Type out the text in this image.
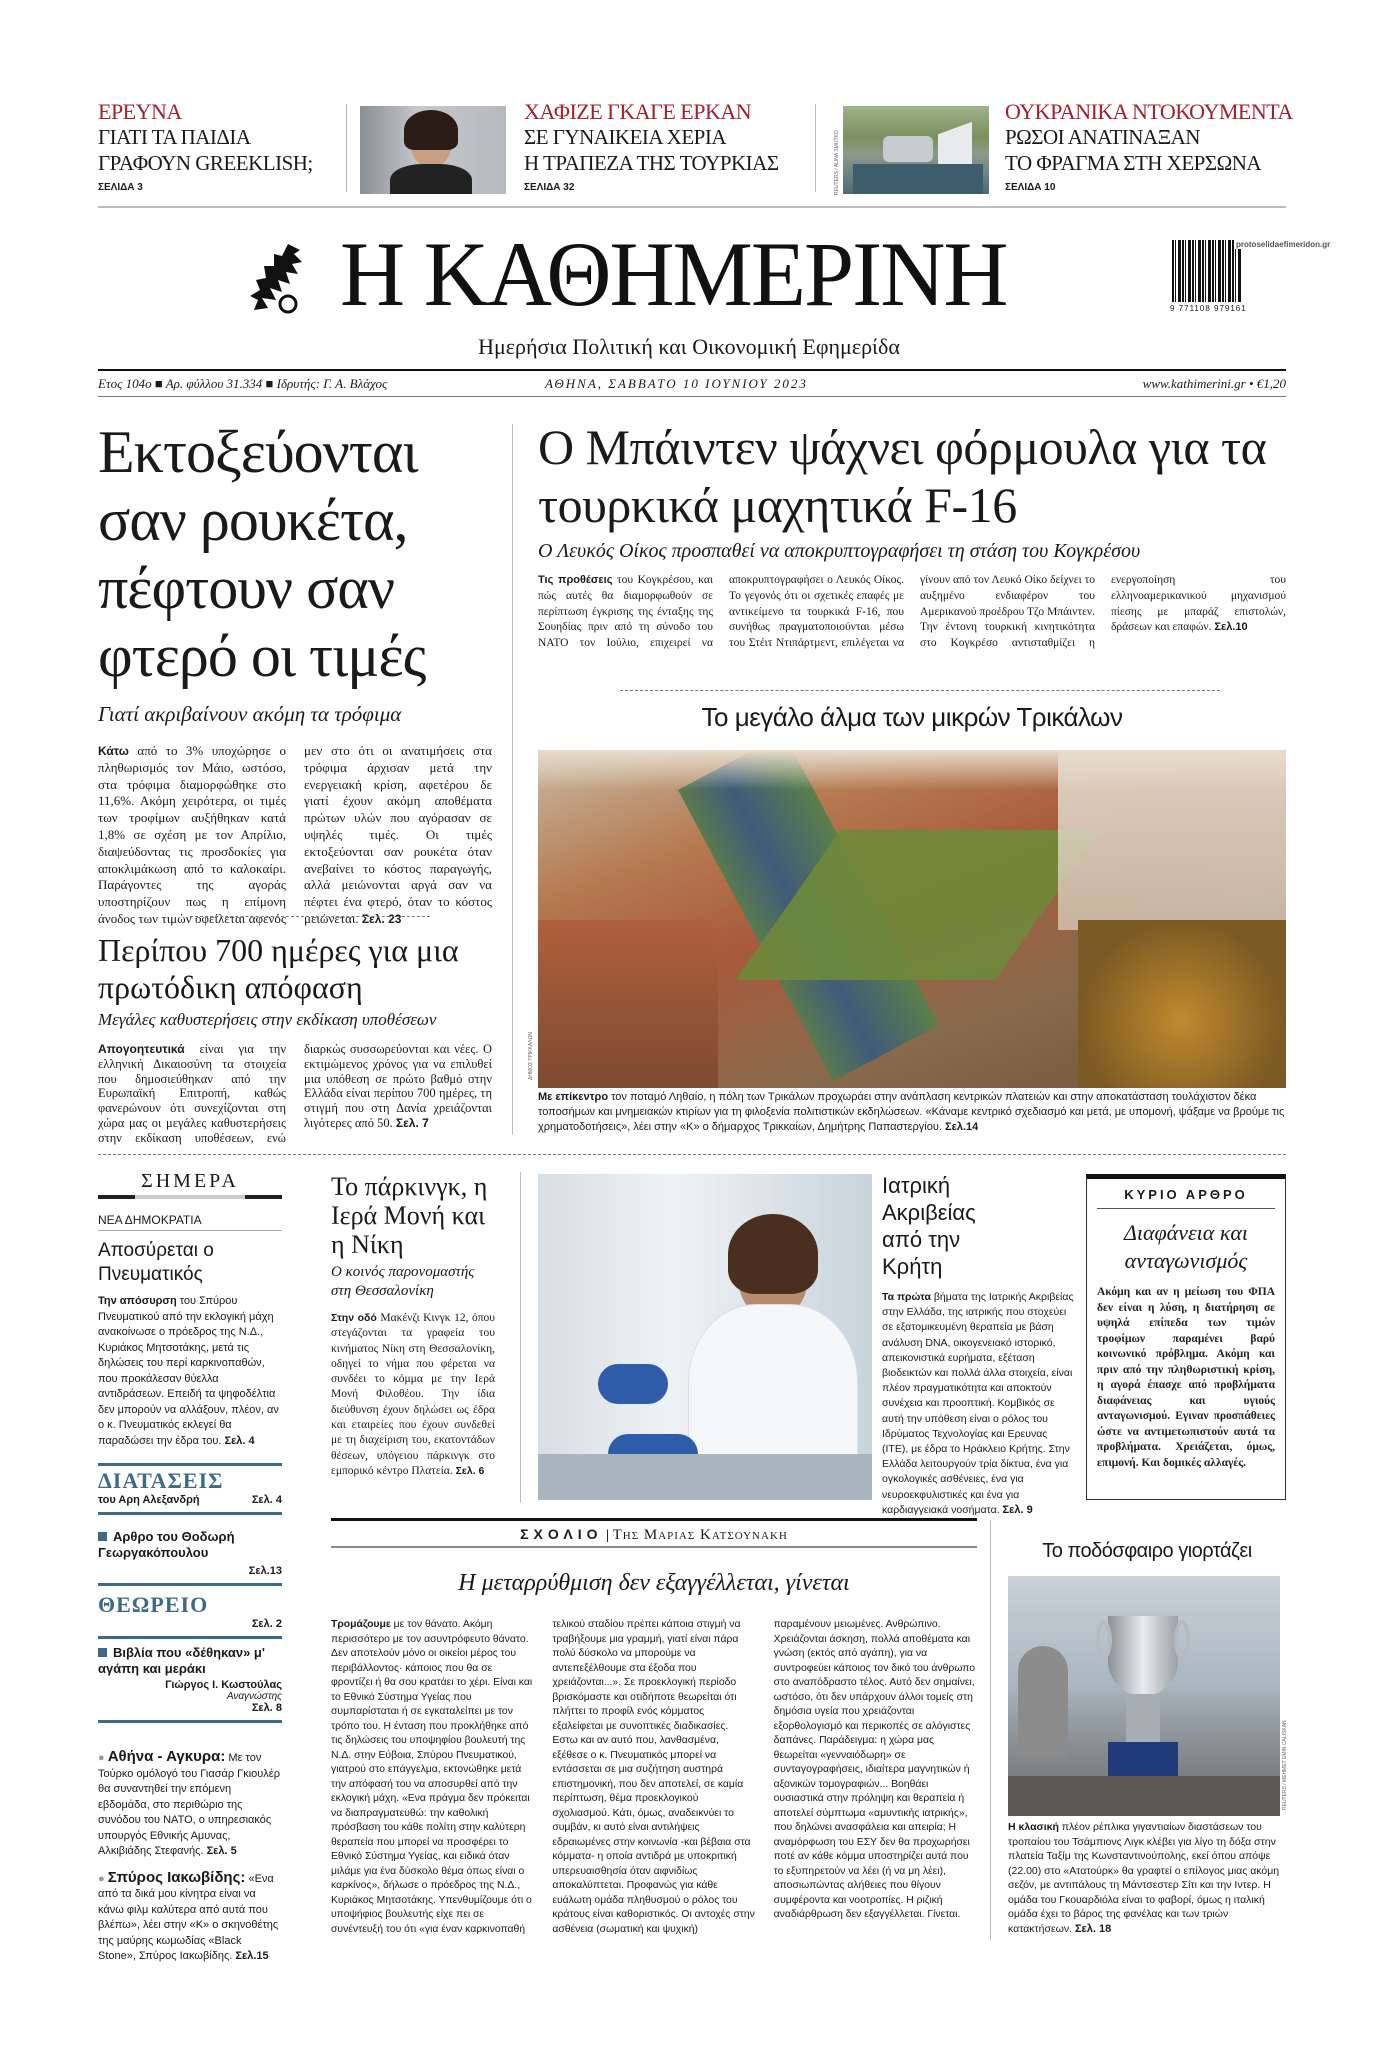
ΕΡΕΥΝΑ
ΓΙΑΤΙ ΤΑ ΠΑΙΔΙΑ
ΓΡΑΦΟΥΝ GREEKLISH;
ΣΕΛΙΔΑ 3
ΧΑΦΙΖΕ ΓΚΑΓΕ ΕΡΚΑΝ
ΣΕ ΓΥΝΑΙΚΕΙΑ ΧΕΡΙΑ
Η ΤΡΑΠΕΖΑ ΤΗΣ ΤΟΥΡΚΙΑΣ
ΣΕΛΙΔΑ 32	REUTERS / ALINA SMUTKO
ΟΥΚΡΑΝΙΚΑ ΝΤΟΚΟΥΜΕΝΤΑ
ΡΩΣΟΙ ΑΝΑΤΙΝΑΞΑΝ
ΤΟ ΦΡΑΓΜΑ ΣΤΗ ΧΕΡΣΩΝΑ
ΣΕΛΙΔΑ 10
Η ΚΑΘΗΜΕΡΙΝΗ	protoselidaefimeridon.gr
9 771108 979161
Ημερήσια Πολιτική και Οικονομική Εφημερίδα
Ετος 104ο ■ Αρ. φύλλου 31.334 ■ Ιδρυτής: Γ. Α. Βλάχος	ΑΘΗΝΑ, ΣΑΒΒΑΤΟ 10 ΙΟΥΝΙΟΥ 2023	www.kathimerini.gr • €1,20
Εκτοξεύονται σαν ρουκέτα, πέφτουν σαν φτερό οι τιμές
Γιατί ακριβαίνουν ακόμη τα τρόφιμα
Κάτω από το 3% υποχώρησε ο πληθωρισμός τον Μάιο, ωστόσο, στα τρόφιμα διαμορφώθηκε στο 11,6%. Ακόμη χειρότερα, οι τιμές των τροφίμων αυξήθηκαν κατά 1,8% σε σχέση με τον Απρίλιο, διαψεύδοντας τις προσδοκίες για αποκλιμάκωση από το καλοκαίρι. Παράγοντες της αγοράς υποστηρίζουν πως η επίμονη άνοδος των τιμών οφείλεται αφενός μεν στο ότι οι ανατιμήσεις στα τρόφιμα άρχισαν μετά την ενεργειακή κρίση, αφετέρου δε γιατί έχουν ακόμη αποθέματα πρώτων υλών που αγόρασαν σε υψηλές τιμές. Οι τιμές εκτοξεύονται σαν ρουκέτα όταν ανεβαίνει το κόστος παραγωγής, αλλά μειώνονται αργά σαν να πέφτει ένα φτερό, όταν το κόστος μειώνεται. Σελ. 23
Περίπου 700 ημέρες για μια πρωτόδικη απόφαση
Μεγάλες καθυστερήσεις στην εκδίκαση υποθέσεων
Απογοητευτικά είναι για την ελληνική Δικαιοσύνη τα στοιχεία που δημοσιεύθηκαν από την Ευρωπαϊκή Επιτροπή, καθώς φανερώνουν ότι συνεχίζονται στη χώρα μας οι μεγάλες καθυστερήσεις στην εκδίκαση υποθέσεων, ενώ διαρκώς συσσωρεύονται και νέες. Ο εκτιμώμενος χρόνος για να επιλυθεί μια υπόθεση σε πρώτο βαθμό στην Ελλάδα είναι περίπου 700 ημέρες, τη στιγμή που στη Δανία χρειάζονται λιγότερες από 50. Σελ. 7
Ο Μπάιντεν ψάχνει φόρμουλα για τα τουρκικά μαχητικά F-16
Ο Λευκός Οίκος προσπαθεί να αποκρυπτογραφήσει τη στάση του Κογκρέσου
Τις προθέσεις του Κογκρέσου, και πώς αυτές θα διαμορφωθούν σε περίπτωση έγκρισης της ένταξης της Σουηδίας πριν από τη σύνοδο του ΝΑΤΟ τον Ιούλιο, επιχειρεί να αποκρυπτογραφήσει ο Λευκός Οίκος. Το γεγονός ότι οι σχετικές επαφές με αντικείμενο τα τουρκικά F-16, που συνήθως πραγματοποιούνται μέσω του Στέιτ Ντιπάρτμεντ, επιλέγεται να γίνουν από τον Λευκό Οίκο δείχνει το αυξημένο ενδιαφέρον του Αμερικανού προέδρου Τζο Μπάιντεν. Την έντονη τουρκική κινητικότητα στο Κογκρέσο αντισταθμίζει η ενεργοποίηση του ελληνοαμερικανικού μηχανισμού πίεσης με μπαράζ επιστολών, δράσεων και επαφών. Σελ.10
Το μεγάλο άλμα των μικρών Τρικάλων
ΔΗΜΟΣ ΤΡΙΚΚΑΛΩΝ
Με επίκεντρο τον ποταμό Ληθαίο, η πόλη των Τρικάλων προχωράει στην ανάπλαση κεντρικών πλατειών και στην αποκατάσταση τουλάχιστον δέκα τοποσήμων και μνημειακών κτιρίων για τη φιλοξενία πολιτιστικών εκδηλώσεων. «Κάναμε κεντρικό σχεδιασμό και μετά, με υπομονή, ψάξαμε να βρούμε τις χρηματοδοτήσεις», λέει στην «Κ» ο δήμαρχος Τρικκαίων, Δημήτρης Παπαστεργίου. Σελ.14
ΣΗΜΕΡΑ
ΝΕΑ ΔΗΜΟΚΡΑΤΙΑ
Αποσύρεται ο Πνευματικός
Την απόσυρση του Σπύρου Πνευματικού από την εκλογική μάχη ανακοίνωσε ο πρόεδρος της Ν.Δ., Κυριάκος Μητσοτάκης, μετά τις δηλώσεις του περί καρκινοπαθών, που προκάλεσαν θύελλα αντιδράσεων. Επειδή τα ψηφοδέλτια δεν μπορούν να αλλάξουν, πλέον, αν ο κ. Πνευματικός εκλεγεί θα παραδώσει την έδρα του. Σελ. 4
ΔΙΑΤΑΣΕΙΣ
του Αρη Αλεξανδρή	Σελ. 4
Αρθρο του Θοδωρή Γεωργακόπουλου
Σελ.13
ΘΕΩΡΕΙΟ
Σελ. 2
Βιβλία που «δέθηκαν» μ' αγάπη και μεράκι
Γιώργος Ι. Κωστούλας
Αναγνώστης
Σελ. 8
● Αθήνα - Αγκυρα: Με τον Τούρκο ομόλογό του Γιασάρ Γκιουλέρ θα συναντηθεί την επόμενη εβδομάδα, στο περιθώριο της συνόδου του ΝΑΤΟ, ο υπηρεσιακός υπουργός Εθνικής Αμυνας, Αλκιβιάδης Στεφανής. Σελ. 5
● Σπύρος Ιακωβίδης: «Ενα από τα δικά μου κίνητρα είναι να κάνω φιλμ καλύτερα από αυτά που βλέπω», λέει στην «Κ» ο σκηνοθέτης της μαύρης κωμωδίας «Black Stone», Σπύρος Ιακωβίδης. Σελ.15
Το πάρκινγκ, η Ιερά Μονή και η Νίκη
Ο κοινός παρονομαστής στη Θεσσαλονίκη
Στην οδό Μακένζι Κινγκ 12, όπου στεγάζονται τα γραφεία του κινήματος Νίκη στη Θεσσαλονίκη, οδηγεί το νήμα που φέρεται να συνδέει το κόμμα με την Ιερά Μονή Φιλοθέου. Την ίδια διεύθυνση έχουν δηλώσει ως έδρα και εταιρείες που έχουν συνδεθεί με τη διαχείριση του, εκατοντάδων θέσεων, υπόγειου πάρκινγκ στο εμπορικό κέντρο Πλατεία. Σελ. 6
Ιατρική Ακριβείας από την Κρήτη
Τα πρώτα βήματα της Ιατρικής Ακριβείας στην Ελλάδα, της ιατρικής που στοχεύει σε εξατομικευμένη θεραπεία με βάση ανάλυση DNA, οικογενειακό ιστορικό, απεικονιστικά ευρήματα, εξέταση βιοδεικτών και πολλά άλλα στοιχεία, είναι πλέον πραγματικότητα και αποκτούν συνέχεια και προοπτική. Κομβικός σε αυτή την υπόθεση είναι ο ρόλος του Ιδρύματος Τεχνολογίας και Ερευνας (ΙΤΕ), με έδρα το Ηράκλειο Κρήτης. Στην Ελλάδα λειτουργούν τρία δίκτυα, ένα για ογκολογικές ασθένειες, ένα για νευροεκφυλιστικές και ένα για καρδιαγγειακά νοσήματα. Σελ. 9
ΚΥΡΙΟ ΑΡΘΡΟ
Διαφάνεια και ανταγωνισμός
Ακόμη και αν η μείωση του ΦΠΑ δεν είναι η λύση, η διατήρηση σε υψηλά επίπεδα των τιμών τροφίμων παραμένει βαρύ κοινωνικό πρόβλημα. Ακόμη και πριν από την πληθωριστική κρίση, η αγορά έπασχε από προβλήματα διαφάνειας και υγιούς ανταγωνισμού. Εγιναν προσπάθειες ώστε να αντιμετωπιστούν αυτά τα προβλήματα. Χρειάζεται, όμως, επιμονή. Και δομικές αλλαγές.
ΣΧΟΛΙΟ | Της Μαριας Κατσουνακη
Η μεταρρύθμιση δεν εξαγγέλλεται, γίνεται
Τρομάζουμε με τον θάνατο. Ακόμη περισσότερο με τον ασυντρόφευτο θάνατο. Δεν αποτελούν μόνο οι οικείοι μέρος του περιβάλλοντος· κάποιος που θα σε φροντίζει ή θα σου κρατάει το χέρι. Είναι και το Εθνικό Σύστημα Υγείας που συμπαρίσταται ή σε εγκαταλείπει με τον τρόπο του. Η ένταση που προκλήθηκε από τις δηλώσεις του υποψηφίου βουλευτή της Ν.Δ. στην Εύβοια, Σπύρου Πνευματικού, γιατρού στο επάγγελμα, εκτονώθηκε μετά την απόφασή του να αποσυρθεί από την εκλογική μάχη. «Ενα πράγμα δεν πρόκειται να διαπραγματευθώ: την καθολική πρόσβαση του κάθε πολίτη στην καλύτερη θεραπεία που μπορεί να προσφέρει το Εθνικό Σύστημα Υγείας, και ειδικά όταν μιλάμε για ένα δύσκολο θέμα όπως είναι ο καρκίνος», δήλωσε ο πρόεδρος της Ν.Δ., Κυριάκος Μητσοτάκης. Υπενθυμίζουμε ότι ο υποψήφιος βουλευτής είχε πει σε συνέντευξή του ότι «για έναν καρκινοπαθή τελικού σταδίου πρέπει κάποια στιγμή να τραβήξουμε μια γραμμή, γιατί είναι πάρα πολύ δύσκολο να μπορούμε να αντεπεξέλθουμε στα έξοδα που χρειάζονται...». Σε προεκλογική περίοδο βρισκόμαστε και οτιδήποτε θεωρείται ότι πλήττει το προφίλ ενός κόμματος εξαλείφεται με συνοπτικές διαδικασίες. Εστω και αν αυτό που, λανθασμένα, εξέθεσε ο κ. Πνευματικός μπορεί να εντάσσεται σε μια συζήτηση αυστηρά επιστημονική, που δεν αποτελεί, σε καμία περίπτωση, θέμα προεκλογικού σχολιασμού. Κάτι, όμως, αναδεικνύει το συμβάν, κι αυτό είναι αντιλήψεις εδραιωμένες στην κοινωνία -και βέβαια στα κόμματα- η οποία αντιδρά με υποκριτική υπερευαισθησία όταν αιφνιδίως αποκαλύπτεται. Προφανώς για κάθε ευάλωτη ομάδα πληθυσμού ο ρόλος του κράτους είναι καθοριστικός. Οι αντοχές στην ασθένεια (σωματική και ψυχική) παραμένουν μειωμένες. Ανθρώπινο. Χρειάζονται άσκηση, πολλά αποθέματα και γνώση (εκτός από αγάπη), για να συντροφεύει κάποιος τον δικό του άνθρωπο στο αναπόδραστο τέλος. Αυτό δεν σημαίνει, ωστόσο, ότι δεν υπάρχουν άλλοι τομείς στη δημόσια υγεία που χρειάζονται εξορθολογισμό και περικοπές σε αλόγιστες δαπάνες. Παράδειγμα: η χώρα μας θεωρείται «γενναιόδωρη» σε συνταγογραφήσεις, ιδιαίτερα μαγνητικών ή αξονικών τομογραφιών... Βοηθάει ουσιαστικά στην πρόληψη και θεραπεία ή αποτελεί σύμπτωμα «αμυντικής ιατρικής», που δηλώνει ανασφάλεια και απειρία; Η αναμόρφωση του ΕΣΥ δεν θα προχωρήσει ποτέ αν κάθε κόμμα υποστηρίζει αυτά που το εξυπηρετούν να λέει (ή να μη λέει), αποσιωπώντας αλήθειες που θίγουν συμφέροντα και νοοτροπίες. Η ριζική αναδιάρθρωση δεν εξαγγέλλεται. Γίνεται.
Το ποδόσφαιρο γιορτάζει
REUTERS / MEHMET EMIN CALISKAN
Η κλασική πλέον ρέπλικα γιγαντιαίων διαστάσεων του τροπαίου του Τσάμπιονς Λιγκ κλέβει για λίγο τη δόξα στην πλατεία Ταξίμ της Κωνσταντινούπολης, εκεί όπου απόψε (22.00) στο «Ατατούρκ» θα γραφτεί ο επίλογος μιας ακόμη σεζόν, με αντιπάλους τη Μάντσεστερ Σίτι και την Ιντερ. Η ομάδα του Γκουαρδιόλα είναι το φαβορί, όμως η ιταλική ομάδα έχει το βάρος της φανέλας και των τριών κατακτήσεων. Σελ. 18
